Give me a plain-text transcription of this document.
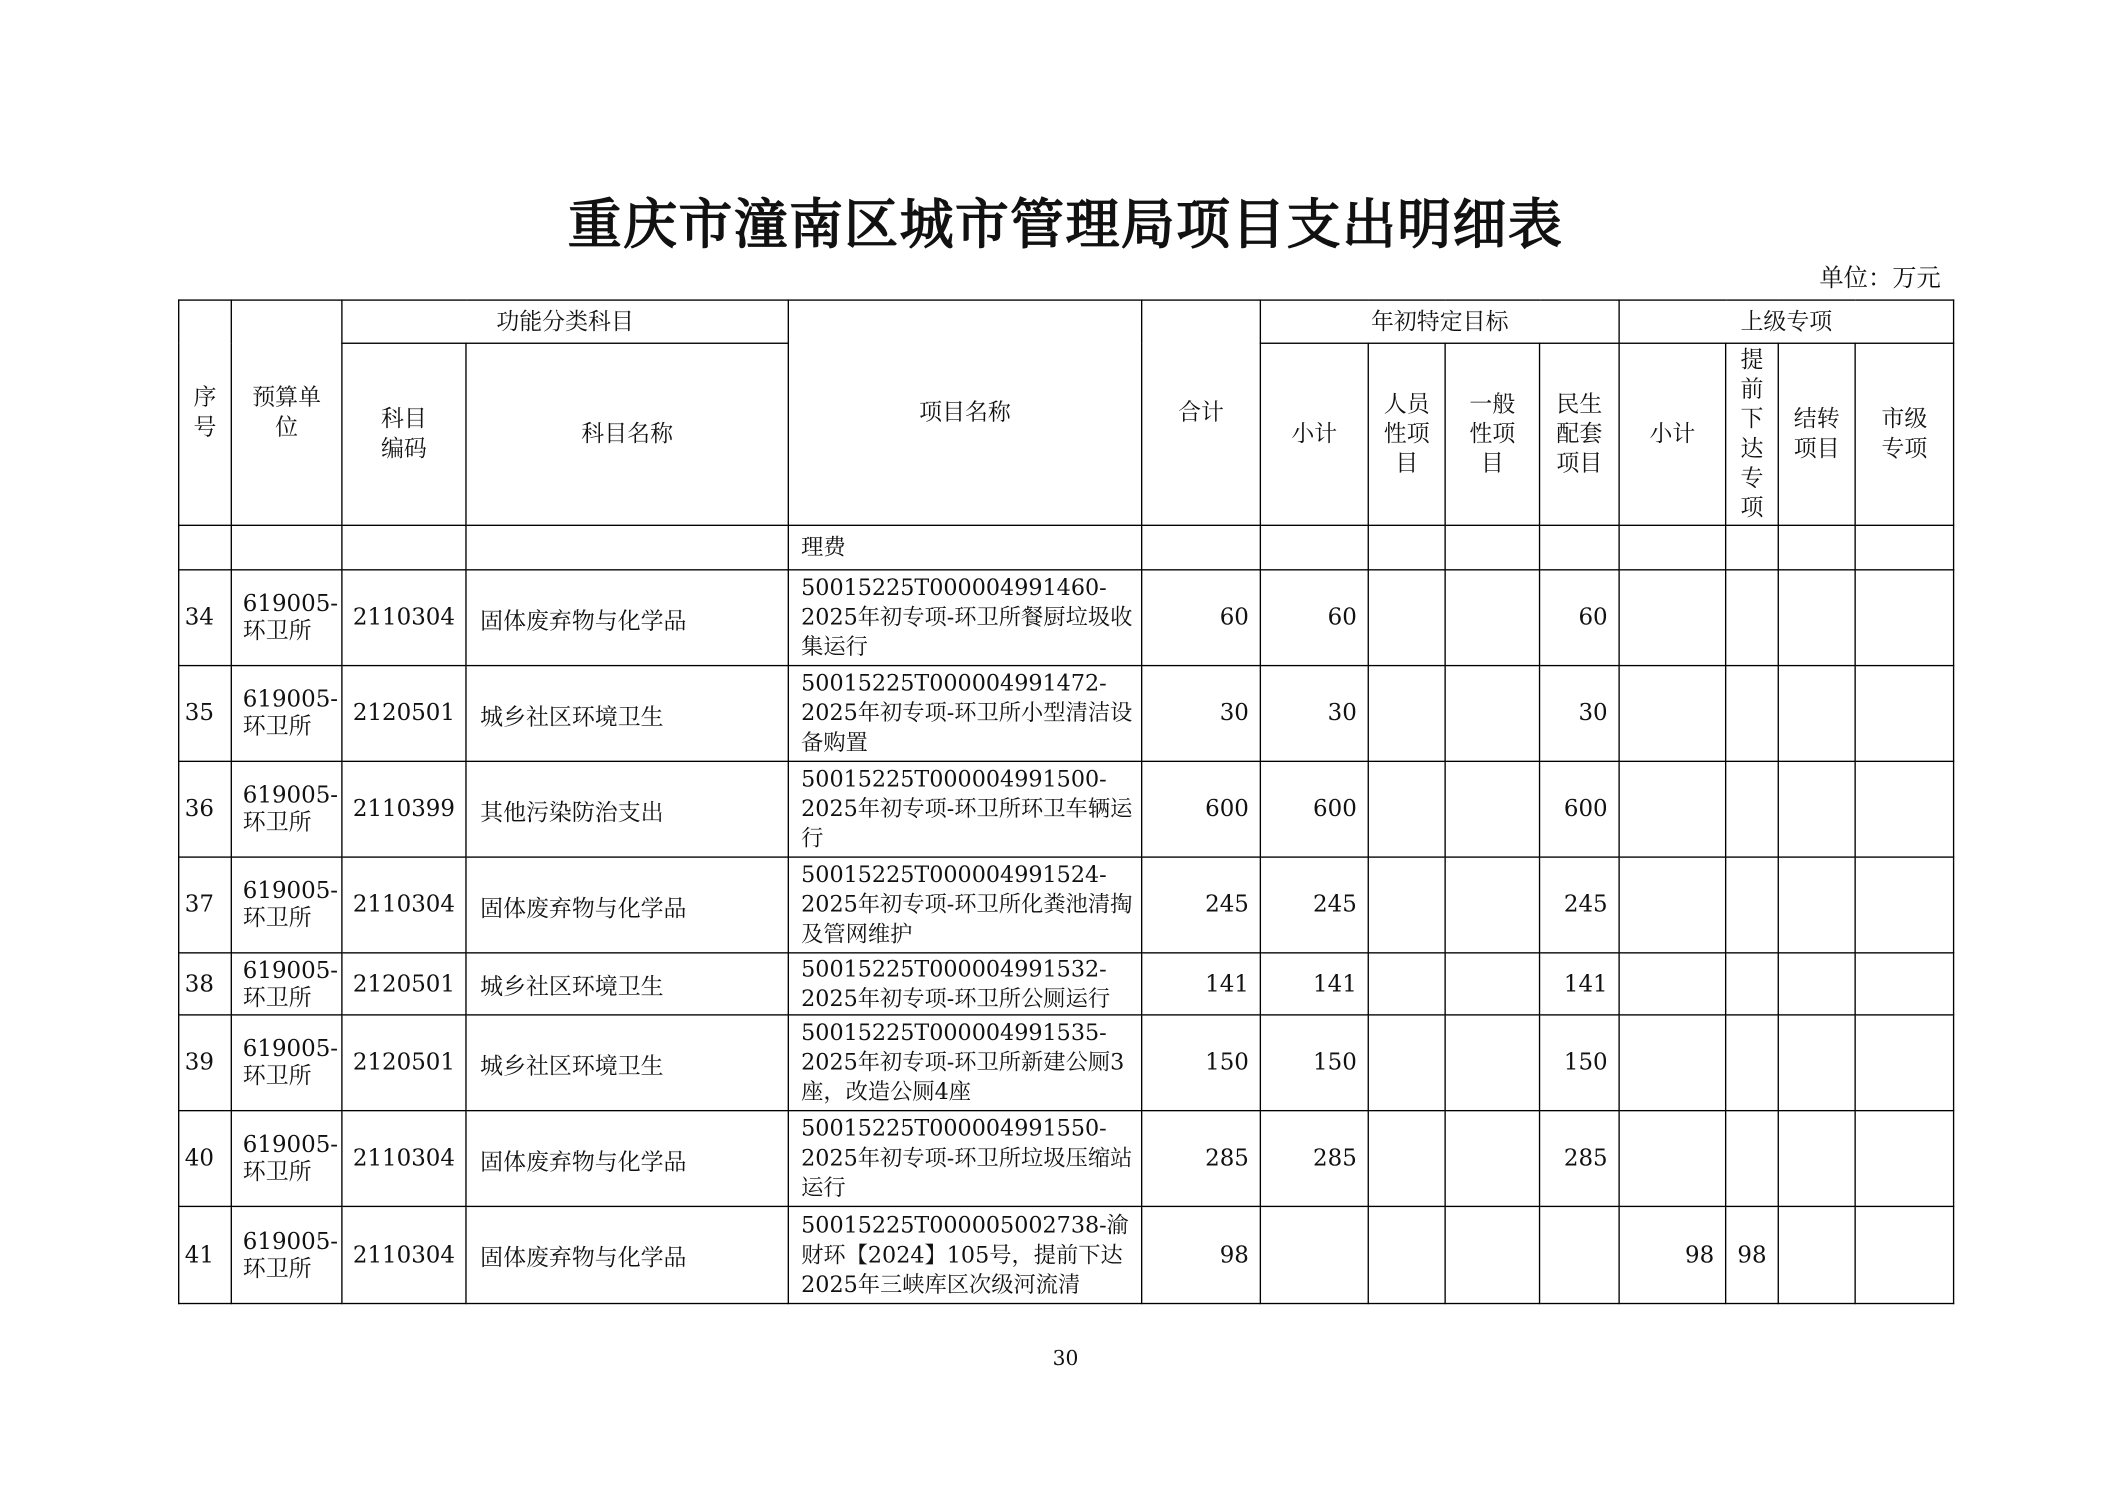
重庆市潼南区城市管理局项目支出明细表
单位：万元
序号	预算单位	功能分类科目		项目名称	合计	年初特定目标				上级专项			

		科目编码	科目名称			小计	人员性项目	一般性项目	民生配套项目	小计	提前下达专项	结转项目	市级专项

				理费									
34	619005-环卫所	2110304	固体废弃物与化学品	50015225T000004991460-2025年初专项-环卫所餐厨垃圾收集运行	60	60			60				
35	619005-环卫所	2120501	城乡社区环境卫生	50015225T000004991472-2025年初专项-环卫所小型清洁设备购置	30	30			30				
36	619005-环卫所	2110399	其他污染防治支出	50015225T000004991500-2025年初专项-环卫所环卫车辆运行	600	600			600				
37	619005-环卫所	2110304	固体废弃物与化学品	50015225T000004991524-2025年初专项-环卫所化粪池清掏及管网维护	245	245			245				
38	619005-环卫所	2120501	城乡社区环境卫生	50015225T000004991532-2025年初专项-环卫所公厕运行	141	141			141				
39	619005-环卫所	2120501	城乡社区环境卫生	50015225T000004991535-2025年初专项-环卫所新建公厕3座，改造公厕4座	150	150			150				
40	619005-环卫所	2110304	固体废弃物与化学品	50015225T000004991550-2025年初专项-环卫所垃圾压缩站运行	285	285			285				
41	619005-环卫所	2110304	固体废弃物与化学品	50015225T000005002738-渝财环【2024】105号，提前下达2025年三峡库区次级河流清	98					98	98		
30
